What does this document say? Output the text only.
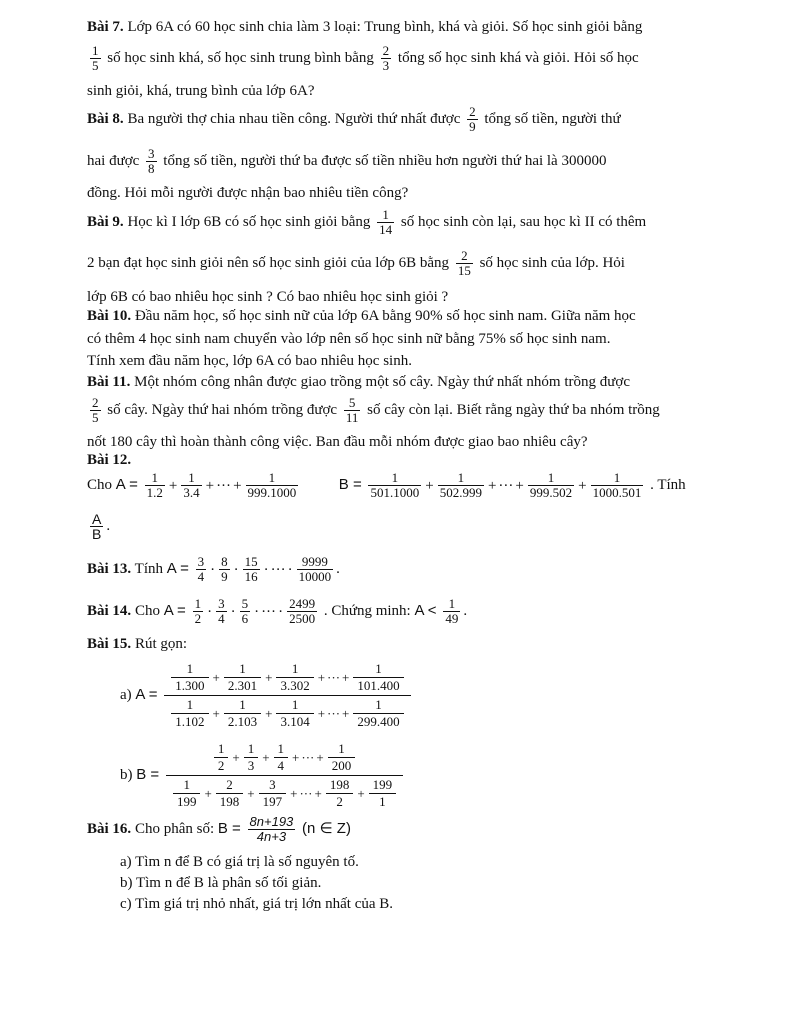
Bài 7. Lớp 6A có 60 học sinh chia làm 3 loại: Trung bình, khá và giỏi. Số học sinh giỏi bằng
$\frac{1}{5}$ số học sinh khá, số học sinh trung bình bằng $\frac{2}{3}$ tổng số học sinh khá và giỏi. Hỏi số học
sinh giỏi, khá, trung bình của lớp 6A?
Bài 8. Ba người thợ chia nhau tiền công. Người thứ nhất được $\frac{2}{9}$ tổng số tiền, người thứ
hai được $\frac{3}{8}$ tổng số tiền, người thứ ba được số tiền nhiều hơn người thứ hai là 300000
đồng. Hỏi mỗi người được nhận bao nhiêu tiền công?
Bài 9. Học kì I lớp 6B có số học sinh giỏi bằng $\frac{1}{14}$ số học sinh còn lại, sau học kì II có thêm
2 bạn đạt học sinh giỏi nên số học sinh giỏi của lớp 6B bằng $\frac{2}{15}$ số học sinh của lớp. Hỏi
lớp 6B có bao nhiêu học sinh ? Có bao nhiêu học sinh giỏi ?
Bài 10. Đầu năm học, số học sinh nữ của lớp 6A bằng 90% số học sinh nam. Giữa năm học
có thêm 4 học sinh nam chuyển vào lớp nên số học sinh nữ bằng 75% số học sinh nam.
Tính xem đầu năm học, lớp 6A có bao nhiêu học sinh.
Bài 11. Một nhóm công nhân được giao trồng một số cây. Ngày thứ nhất nhóm trồng được
$\frac{2}{5}$ số cây. Ngày thứ hai nhóm trồng được $\frac{5}{11}$ số cây còn lại. Biết rằng ngày thứ ba nhóm trồng
nốt 180 cây thì hoàn thành công việc. Ban đầu mỗi nhóm được giao bao nhiêu cây?
Bài 12.
Cho $A = \frac{1}{1.2} + \frac{1}{3.4}$ + ··· + $\frac{1}{999.1000}$	$B = \frac{1}{501.1000} + \frac{1}{502.999}$ + ··· + $\frac{1}{999.502} + \frac{1}{1000.501}$ . Tính
$\frac{A}{B}$ .
Bài 13. Tính $A = \frac{3}{4} \cdot \frac{8}{9} \cdot \frac{15}{16}$ · ··· · $\frac{9999}{10000}$ .
Bài 14. Cho $A = \frac{1}{2} \cdot \frac{3}{4} \cdot \frac{5}{6}$ · ··· · $\frac{2499}{2500}$ . Chứng minh: $A < \frac{1}{49}$ .
Bài 15. Rút gọn:
a) $A = \frac{\frac{1}{1.300} + \frac{1}{2.301} + \frac{1}{3.302} + \cdot\cdot\cdot + \frac{1}{101.400}}{\frac{1}{1.102} + \frac{1}{2.103} + \frac{1}{3.104} + \cdot\cdot\cdot + \frac{1}{299.400}}$
b) $B = \frac{\frac{1}{2} + \frac{1}{3} + \frac{1}{4} + \cdot\cdot\cdot + \frac{1}{200}}{\frac{1}{199} + \frac{2}{198} + \frac{3}{197} + \cdot\cdot\cdot + \frac{198}{2} + \frac{199}{1}}$
Bài 16. Cho phân số: $B = \frac{8n+193}{4n+3} (n$ ∈ Z)
a) Tìm n để B có giá trị là số nguyên tố.
b) Tìm n để B là phân số tối giản.
c) Tìm giá trị nhỏ nhất, giá trị lớn nhất của B.
